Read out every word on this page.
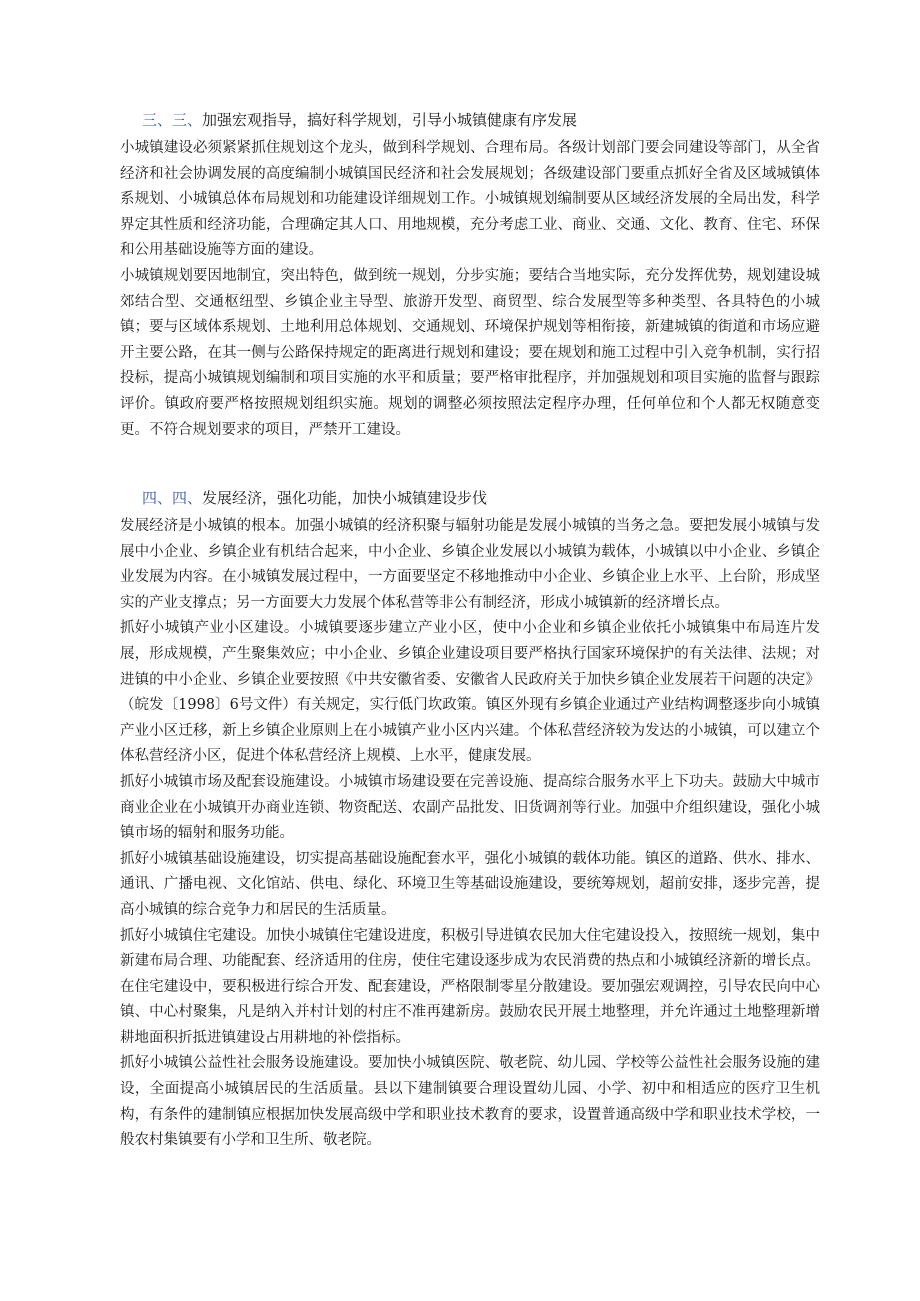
三、三、加强宏观指导，搞好科学规划，引导小城镇健康有序发展

小城镇建设必须紧紧抓住规划这个龙头，做到科学规划、合理布局。各级计划部门要会同建设等部门，从全省经济和社会协调发展的高度编制小城镇国民经济和社会发展规划；各级建设部门要重点抓好全省及区域城镇体系规划、小城镇总体布局规划和功能建设详细规划工作。小城镇规划编制要从区域经济发展的全局出发，科学界定其性质和经济功能，合理确定其人口、用地规模，充分考虑工业、商业、交通、文化、教育、住宅、环保和公用基础设施等方面的建设。

小城镇规划要因地制宜，突出特色，做到统一规划，分步实施；要结合当地实际，充分发挥优势，规划建设城郊结合型、交通枢纽型、乡镇企业主导型、旅游开发型、商贸型、综合发展型等多种类型、各具特色的小城镇；要与区域体系规划、土地利用总体规划、交通规划、环境保护规划等相衔接，新建城镇的街道和市场应避开主要公路，在其一侧与公路保持规定的距离进行规划和建设；要在规划和施工过程中引入竞争机制，实行招投标，提高小城镇规划编制和项目实施的水平和质量；要严格审批程序，并加强规划和项目实施的监督与跟踪评价。镇政府要严格按照规划组织实施。规划的调整必须按照法定程序办理，任何单位和个人都无权随意变更。不符合规划要求的项目，严禁开工建设。

四、四、发展经济，强化功能，加快小城镇建设步伐

发展经济是小城镇的根本。加强小城镇的经济积聚与辐射功能是发展小城镇的当务之急。要把发展小城镇与发展中小企业、乡镇企业有机结合起来，中小企业、乡镇企业发展以小城镇为载体，小城镇以中小企业、乡镇企业发展为内容。在小城镇发展过程中，一方面要坚定不移地推动中小企业、乡镇企业上水平、上台阶，形成坚实的产业支撑点；另一方面要大力发展个体私营等非公有制经济，形成小城镇新的经济增长点。

抓好小城镇产业小区建设。小城镇要逐步建立产业小区，使中小企业和乡镇企业依托小城镇集中布局连片发展，形成规模，产生聚集效应；中小企业、乡镇企业建设项目要严格执行国家环境保护的有关法律、法规；对进镇的中小企业、乡镇企业要按照《中共安徽省委、安徽省人民政府关于加快乡镇企业发展若干问题的决定》（皖发〔1998〕6号文件）有关规定，实行低门坎政策。镇区外现有乡镇企业通过产业结构调整逐步向小城镇产业小区迁移，新上乡镇企业原则上在小城镇产业小区内兴建。个体私营经济较为发达的小城镇，可以建立个体私营经济小区，促进个体私营经济上规模、上水平，健康发展。

抓好小城镇市场及配套设施建设。小城镇市场建设要在完善设施、提高综合服务水平上下功夫。鼓励大中城市商业企业在小城镇开办商业连锁、物资配送、农副产品批发、旧货调剂等行业。加强中介组织建设，强化小城镇市场的辐射和服务功能。

抓好小城镇基础设施建设，切实提高基础设施配套水平，强化小城镇的载体功能。镇区的道路、供水、排水、通讯、广播电视、文化馆站、供电、绿化、环境卫生等基础设施建设，要统筹规划，超前安排，逐步完善，提高小城镇的综合竞争力和居民的生活质量。

抓好小城镇住宅建设。加快小城镇住宅建设进度，积极引导进镇农民加大住宅建设投入，按照统一规划，集中新建布局合理、功能配套、经济适用的住房，使住宅建设逐步成为农民消费的热点和小城镇经济新的增长点。在住宅建设中，要积极进行综合开发、配套建设，严格限制零星分散建设。要加强宏观调控，引导农民向中心镇、中心村聚集，凡是纳入并村计划的村庄不准再建新房。鼓励农民开展土地整理，并允许通过土地整理新增耕地面积折抵进镇建设占用耕地的补偿指标。

抓好小城镇公益性社会服务设施建设。要加快小城镇医院、敬老院、幼儿园、学校等公益性社会服务设施的建设，全面提高小城镇居民的生活质量。县以下建制镇要合理设置幼儿园、小学、初中和相适应的医疗卫生机构，有条件的建制镇应根据加快发展高级中学和职业技术教育的要求，设置普通高级中学和职业技术学校，一般农村集镇要有小学和卫生所、敬老院。
